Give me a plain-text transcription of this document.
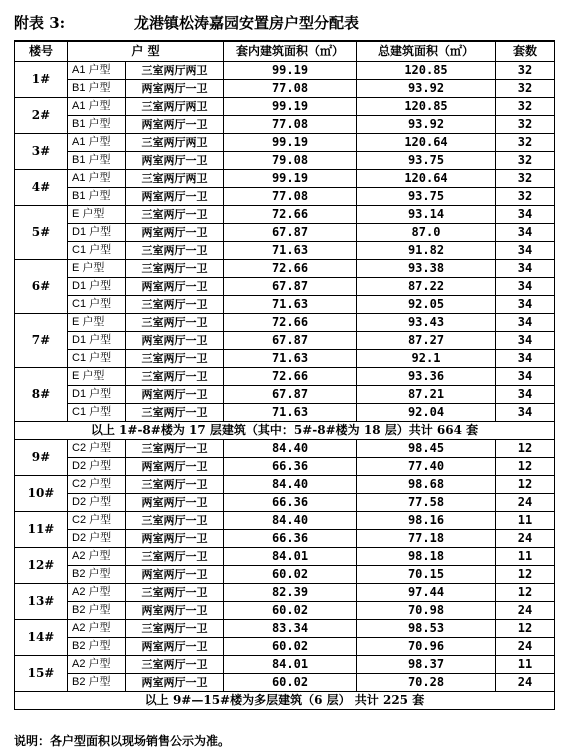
附表 3:	龙港镇松涛嘉园安置房户型分配表
楼号	户 型		套内建筑面积（㎡）	总建筑面积（㎡）	套数
1#	A1 户型	三室两厅两卫	99.19	120.85	32
	B1 户型	两室两厅一卫	77.08	93.92	32
2#	A1 户型	三室两厅两卫	99.19	120.85	32
	B1 户型	两室两厅一卫	77.08	93.92	32
3#	A1 户型	三室两厅两卫	99.19	120.64	32
	B1 户型	两室两厅一卫	79.08	93.75	32
4#	A1 户型	三室两厅两卫	99.19	120.64	32
	B1 户型	两室两厅一卫	77.08	93.75	32
5#	E 户型	三室两厅一卫	72.66	93.14	34
	D1 户型	两室两厅一卫	67.87	87.0	34
	C1 户型	三室两厅一卫	71.63	91.82	34
6#	E 户型	三室两厅一卫	72.66	93.38	34
	D1 户型	两室两厅一卫	67.87	87.22	34
	C1 户型	三室两厅一卫	71.63	92.05	34
7#	E 户型	三室两厅一卫	72.66	93.43	34
	D1 户型	两室两厅一卫	67.87	87.27	34
	C1 户型	三室两厅一卫	71.63	92.1	34
8#	E 户型	三室两厅一卫	72.66	93.36	34
	D1 户型	两室两厅一卫	67.87	87.21	34
	C1 户型	三室两厅一卫	71.63	92.04	34
以上 1#-8#楼为 17 层建筑（其中：5#-8#楼为 18 层）共计 664 套					
9#	C2 户型	三室两厅一卫	84.40	98.45	12
	D2 户型	两室两厅一卫	66.36	77.40	12
10#	C2 户型	三室两厅一卫	84.40	98.68	12
	D2 户型	两室两厅一卫	66.36	77.58	24
11#	C2 户型	三室两厅一卫	84.40	98.16	11
	D2 户型	两室两厅一卫	66.36	77.18	24
12#	A2 户型	三室两厅一卫	84.01	98.18	11
	B2 户型	两室两厅一卫	60.02	70.15	12
13#	A2 户型	三室两厅一卫	82.39	97.44	12
	B2 户型	两室两厅一卫	60.02	70.98	24
14#	A2 户型	三室两厅一卫	83.34	98.53	12
	B2 户型	两室两厅一卫	60.02	70.96	24
15#	A2 户型	三室两厅一卫	84.01	98.37	11
	B2 户型	两室两厅一卫	60.02	70.28	24
以上 9#—15#楼为多层建筑（6 层） 共计 225 套					
说明：各户型面积以现场销售公示为准。
